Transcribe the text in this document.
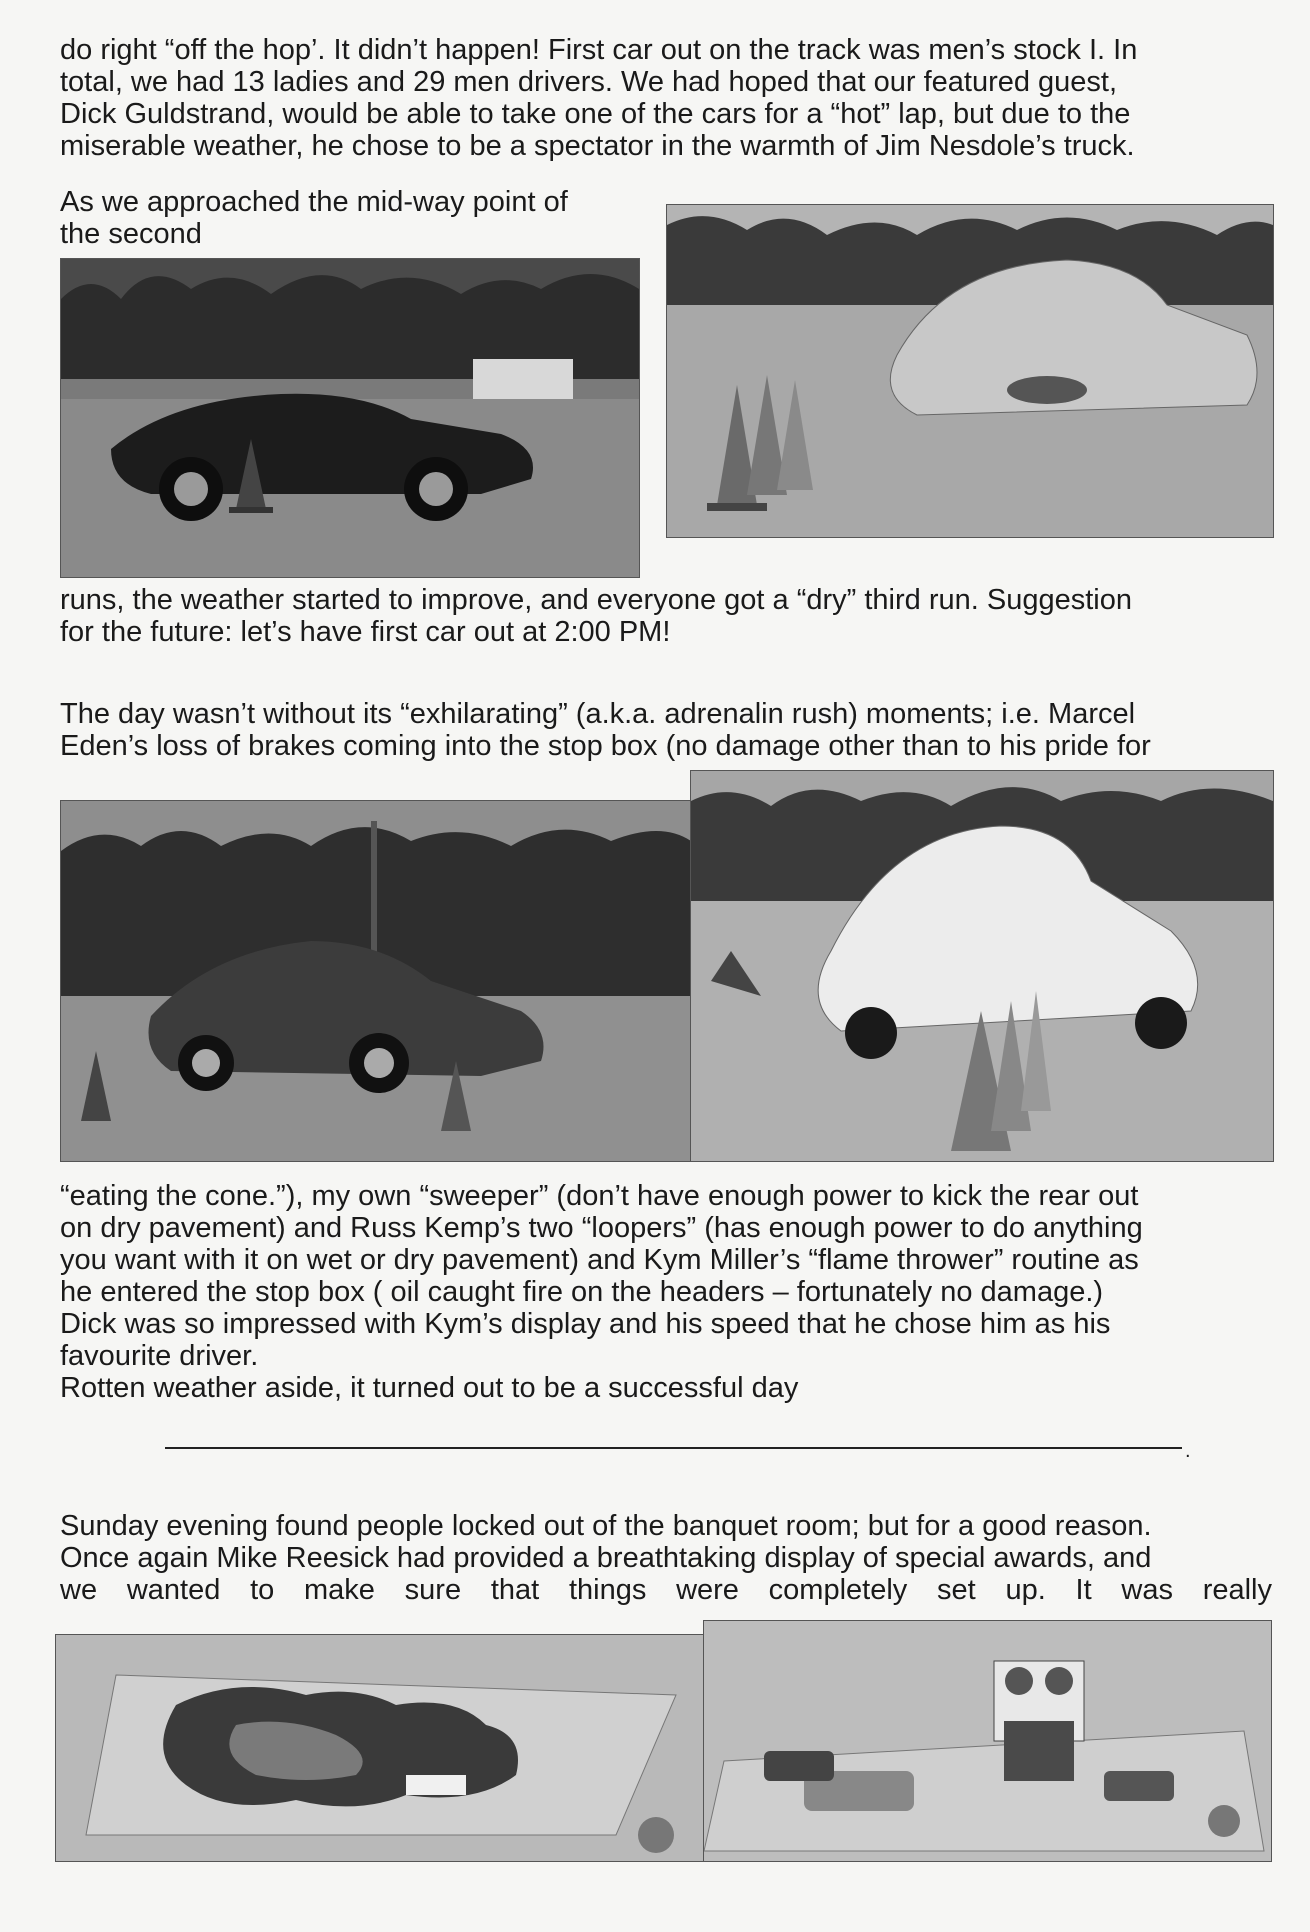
do right “off the hop’. It didn’t happen! First car out on the track was men’s stock I. In
total, we had 13 ladies and 29 men drivers. We had hoped that our featured guest,
Dick Guldstrand, would be able to take one of the cars for a “hot” lap, but due to the
miserable weather, he chose to be a spectator in the warmth of Jim Nesdole’s truck.
As we approached the mid-way point of
the second
runs, the weather started to improve, and everyone got a “dry” third run. Suggestion
for the future: let’s have first car out at 2:00 PM!
The day wasn’t without its “exhilarating” (a.k.a. adrenalin rush) moments; i.e. Marcel
Eden’s loss of brakes coming into the stop box (no damage other than to his pride for
“eating the cone.”), my own “sweeper” (don’t have enough power to kick the rear out
on dry pavement) and Russ Kemp’s two “loopers” (has enough power to do anything
you want with it on wet or dry pavement) and Kym Miller’s “flame thrower” routine as
he entered the stop box ( oil caught fire on the headers – fortunately no damage.)
Dick was so impressed with Kym’s display and his speed that he chose him as his
favourite driver.
Rotten weather aside, it turned out to be a successful day
.
Sunday evening found people locked out of the banquet room; but for a good reason.
Once again Mike Reesick had provided a breathtaking display of special awards, and
we wanted to make sure that things were completely set up. It was really
